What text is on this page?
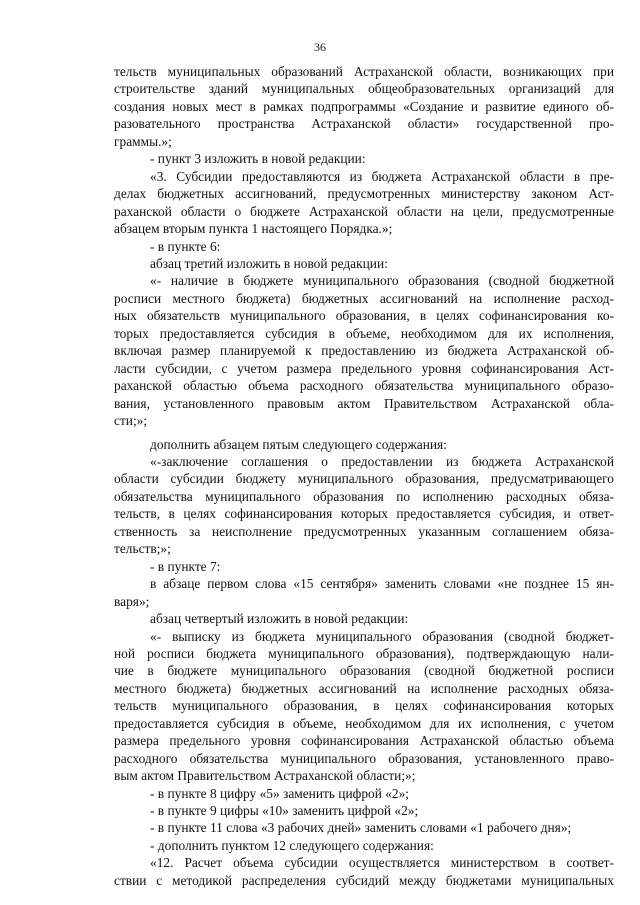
36
тельств муниципальных образований Астраханской области, возникающих при
строительстве зданий муниципальных общеобразовательных организаций для
создания новых мест в рамках подпрограммы «Создание и развитие единого об-
разовательного пространства Астраханской области» государственной про-
граммы.»;
- пункт 3 изложить в новой редакции:
«3. Субсидии предоставляются из бюджета Астраханской области в пре-
делах бюджетных ассигнований, предусмотренных министерству законом Аст-
раханской области о бюджете Астраханской области на цели, предусмотренные
абзацем вторым пункта 1 настоящего Порядка.»;
- в пункте 6:
абзац третий изложить в новой редакции:
«- наличие в бюджете муниципального образования (сводной бюджетной
росписи местного бюджета) бюджетных ассигнований на исполнение расход-
ных обязательств муниципального образования, в целях софинансирования ко-
торых предоставляется субсидия в объеме, необходимом для их исполнения,
включая размер планируемой к предоставлению из бюджета Астраханской об-
ласти субсидии, с учетом размера предельного уровня софинансирования Аст-
раханской областью объема расходного обязательства муниципального образо-
вания, установленного правовым актом Правительством Астраханской обла-
сти;»;
дополнить абзацем пятым следующего содержания:
«-заключение соглашения о предоставлении из бюджета Астраханской
области субсидии бюджету муниципального образования, предусматривающего
обязательства муниципального образования по исполнению расходных обяза-
тельств, в целях софинансирования которых предоставляется субсидия, и ответ-
ственность за неисполнение предусмотренных указанным соглашением обяза-
тельств;»;
- в пункте 7:
в абзаце первом слова «15 сентября» заменить словами «не позднее 15 ян-
варя»;
абзац четвертый изложить в новой редакции:
«- выписку из бюджета муниципального образования (сводной бюджет-
ной росписи бюджета муниципального образования), подтверждающую нали-
чие в бюджете муниципального образования (сводной бюджетной росписи
местного бюджета) бюджетных ассигнований на исполнение расходных обяза-
тельств муниципального образования, в целях софинансирования которых
предоставляется субсидия в объеме, необходимом для их исполнения, с учетом
размера предельного уровня софинансирования Астраханской областью объема
расходного обязательства муниципального образования, установленного право-
вым актом Правительством Астраханской области;»;
- в пункте 8 цифру «5» заменить цифрой «2»;
- в пункте 9 цифры «10» заменить цифрой «2»;
- в пункте 11 слова «3 рабочих дней» заменить словами «1 рабочего дня»;
- дополнить пунктом 12 следующего содержания:
«12. Расчет объема субсидии осуществляется министерством в соответ-
ствии с методикой распределения субсидий между бюджетами муниципальных
